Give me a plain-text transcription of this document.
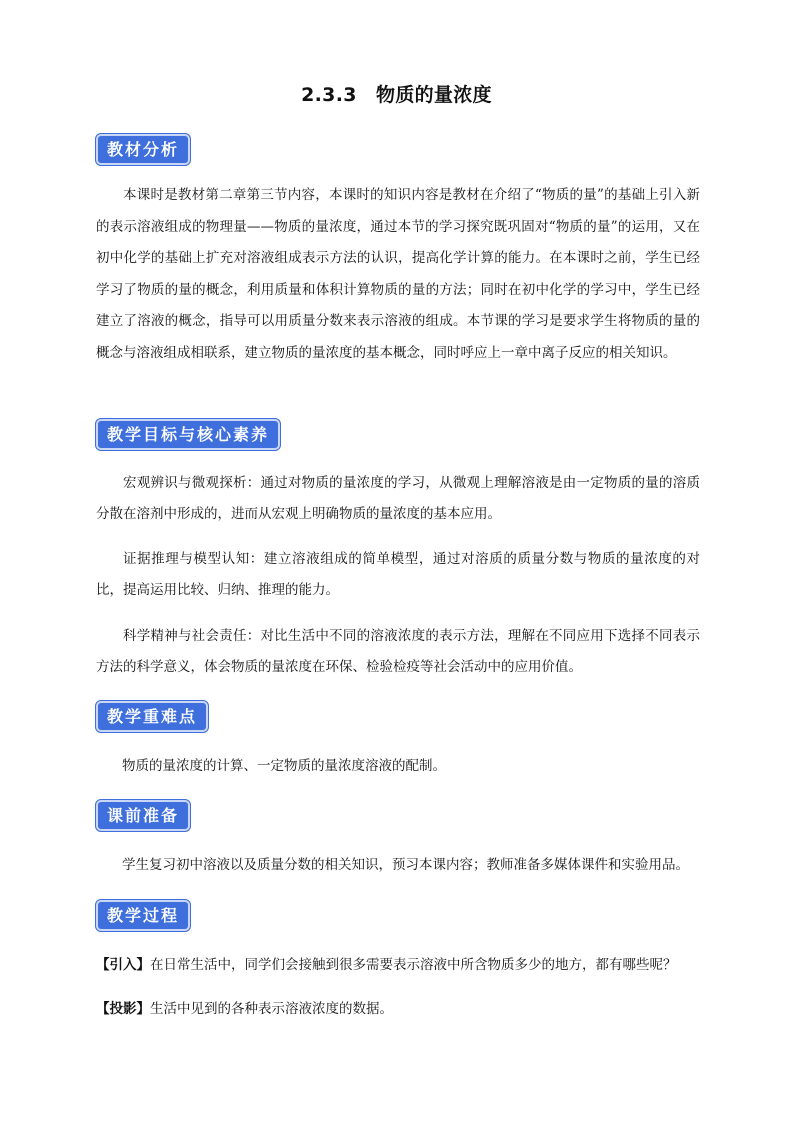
2.3.3　物质的量浓度
教材分析
本课时是教材第二章第三节内容，本课时的知识内容是教材在介绍了“物质的量”的基础上引入新的表示溶液组成的物理量——物质的量浓度，通过本节的学习探究既巩固对“物质的量”的运用，又在初中化学的基础上扩充对溶液组成表示方法的认识，提高化学计算的能力。在本课时之前，学生已经学习了物质的量的概念，利用质量和体积计算物质的量的方法；同时在初中化学的学习中，学生已经建立了溶液的概念，指导可以用质量分数来表示溶液的组成。本节课的学习是要求学生将物质的量的概念与溶液组成相联系，建立物质的量浓度的基本概念，同时呼应上一章中离子反应的相关知识。
教学目标与核心素养
宏观辨识与微观探析：通过对物质的量浓度的学习，从微观上理解溶液是由一定物质的量的溶质分散在溶剂中形成的，进而从宏观上明确物质的量浓度的基本应用。
证据推理与模型认知：建立溶液组成的简单模型，通过对溶质的质量分数与物质的量浓度的对比，提高运用比较、归纳、推理的能力。
科学精神与社会责任：对比生活中不同的溶液浓度的表示方法，理解在不同应用下选择不同表示方法的科学意义，体会物质的量浓度在环保、检验检疫等社会活动中的应用价值。
教学重难点
物质的量浓度的计算、一定物质的量浓度溶液的配制。
课前准备
学生复习初中溶液以及质量分数的相关知识，预习本课内容；教师准备多媒体课件和实验用品。
教学过程
【引入】在日常生活中，同学们会接触到很多需要表示溶液中所含物质多少的地方，都有哪些呢？
【投影】生活中见到的各种表示溶液浓度的数据。
